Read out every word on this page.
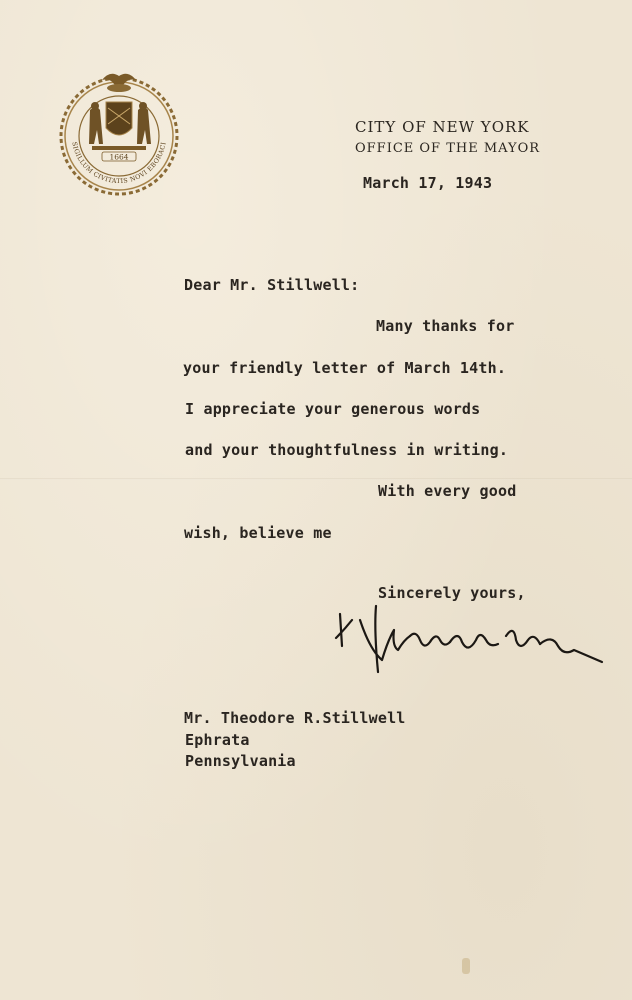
1664
SIGILLUM CIVITATIS NOVI EBORACI
CITY OF NEW YORK
OFFICE OF THE MAYOR
March 17, 1943
Dear Mr. Stillwell:
Many thanks for
your friendly letter of March 14th.
I appreciate your generous words
and your thoughtfulness in writing.
With every good
wish, believe me
Sincerely yours,
Mr. Theodore R.Stillwell
Ephrata
Pennsylvania
